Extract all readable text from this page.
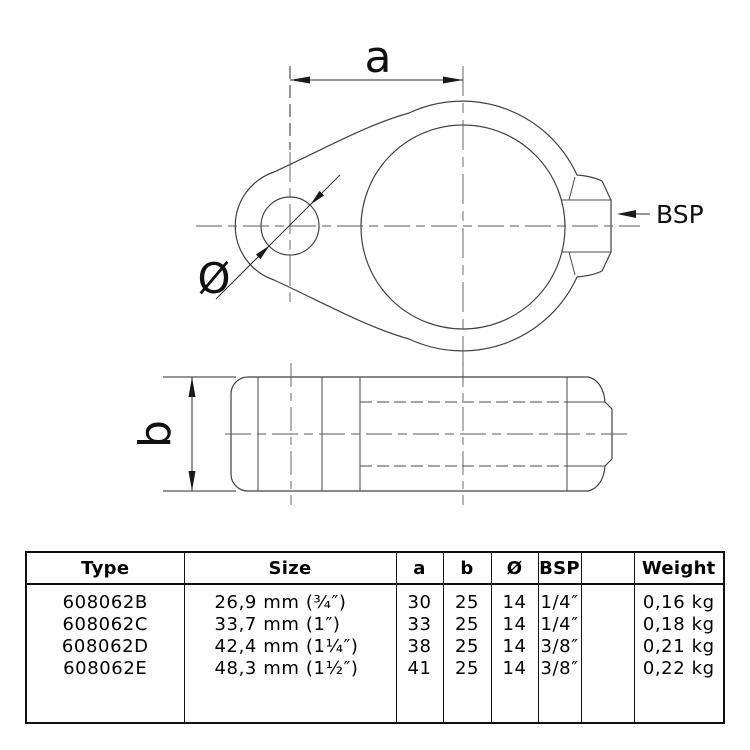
a
Ø
BSP
b
Type	Size	a	b	Ø	BSP		Weight
608062B	26,9 mm (¾″)	30	25	14	1/4″		0,16 kg
608062C	33,7 mm (1″)	33	25	14	1/4″		0,18 kg
608062D	42,4 mm (1¼″)	38	25	14	3/8″		0,21 kg
608062E	48,3 mm (1½″)	41	25	14	3/8″		0,22 kg
